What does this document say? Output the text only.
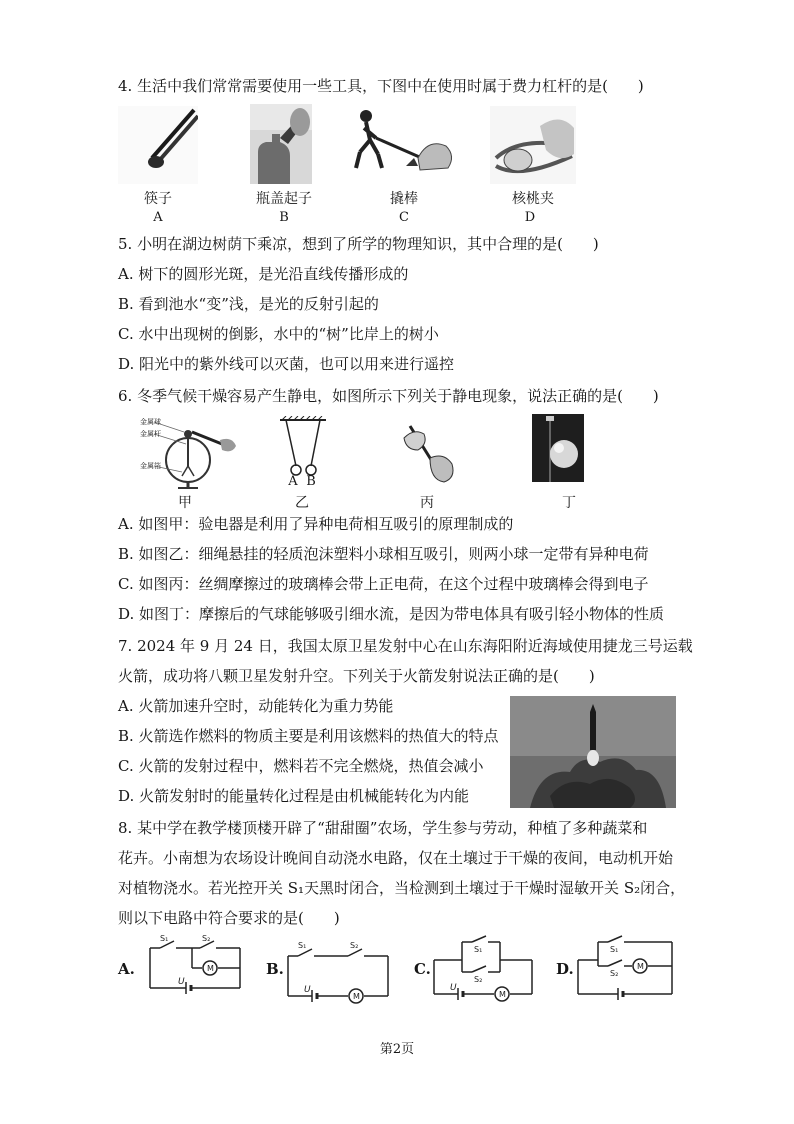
4. 生活中我们常常需要使用一些工具，下图中在使用时属于费力杠杆的是(　　)
筷子	瓶盖起子	撬棒	核桃夹
A	B	C	D
5. 小明在湖边树荫下乘凉，想到了所学的物理知识，其中合理的是(　　)
A. 树下的圆形光斑，是光沿直线传播形成的
B. 看到池水“变”浅，是光的反射引起的
C. 水中出现树的倒影，水中的“树”比岸上的树小
D. 阳光中的紫外线可以灭菌，也可以用来进行遥控
6. 冬季气候干燥容易产生静电，如图所示下列关于静电现象，说法正确的是(　　)
金属球
金属杆
金属箔
A B
甲	乙	丙	丁
A. 如图甲：验电器是利用了异种电荷相互吸引的原理制成的
B. 如图乙：细绳悬挂的轻质泡沫塑料小球相互吸引，则两小球一定带有异种电荷
C. 如图丙：丝绸摩擦过的玻璃棒会带上正电荷，在这个过程中玻璃棒会得到电子
D. 如图丁：摩擦后的气球能够吸引细水流，是因为带电体具有吸引轻小物体的性质
7. 2024 年 9 月 24 日，我国太原卫星发射中心在山东海阳附近海域使用捷龙三号运载
火箭，成功将八颗卫星发射升空。下列关于火箭发射说法正确的是(　　)
A. 火箭加速升空时，动能转化为重力势能
B. 火箭选作燃料的物质主要是利用该燃料的热值大的特点
C. 火箭的发射过程中，燃料若不完全燃烧，热值会减小
D. 火箭发射时的能量转化过程是由机械能转化为内能
8. 某中学在教学楼顶楼开辟了“甜甜圈”农场，学生参与劳动，种植了多种蔬菜和
花卉。小南想为农场设计晚间自动浇水电路，仅在土壤过于干燥的夜间，电动机开始
对植物浇水。若光控开关 S₁天黑时闭合，当检测到土壤过于干燥时湿敏开关 S₂闭合，
则以下电路中符合要求的是(　　)
A.
S₁	S₂
M
U
B.
S₁	S₂
U
M
C.
S₁
S₂
U
M
D.
S₁
S₂
M
第2页
